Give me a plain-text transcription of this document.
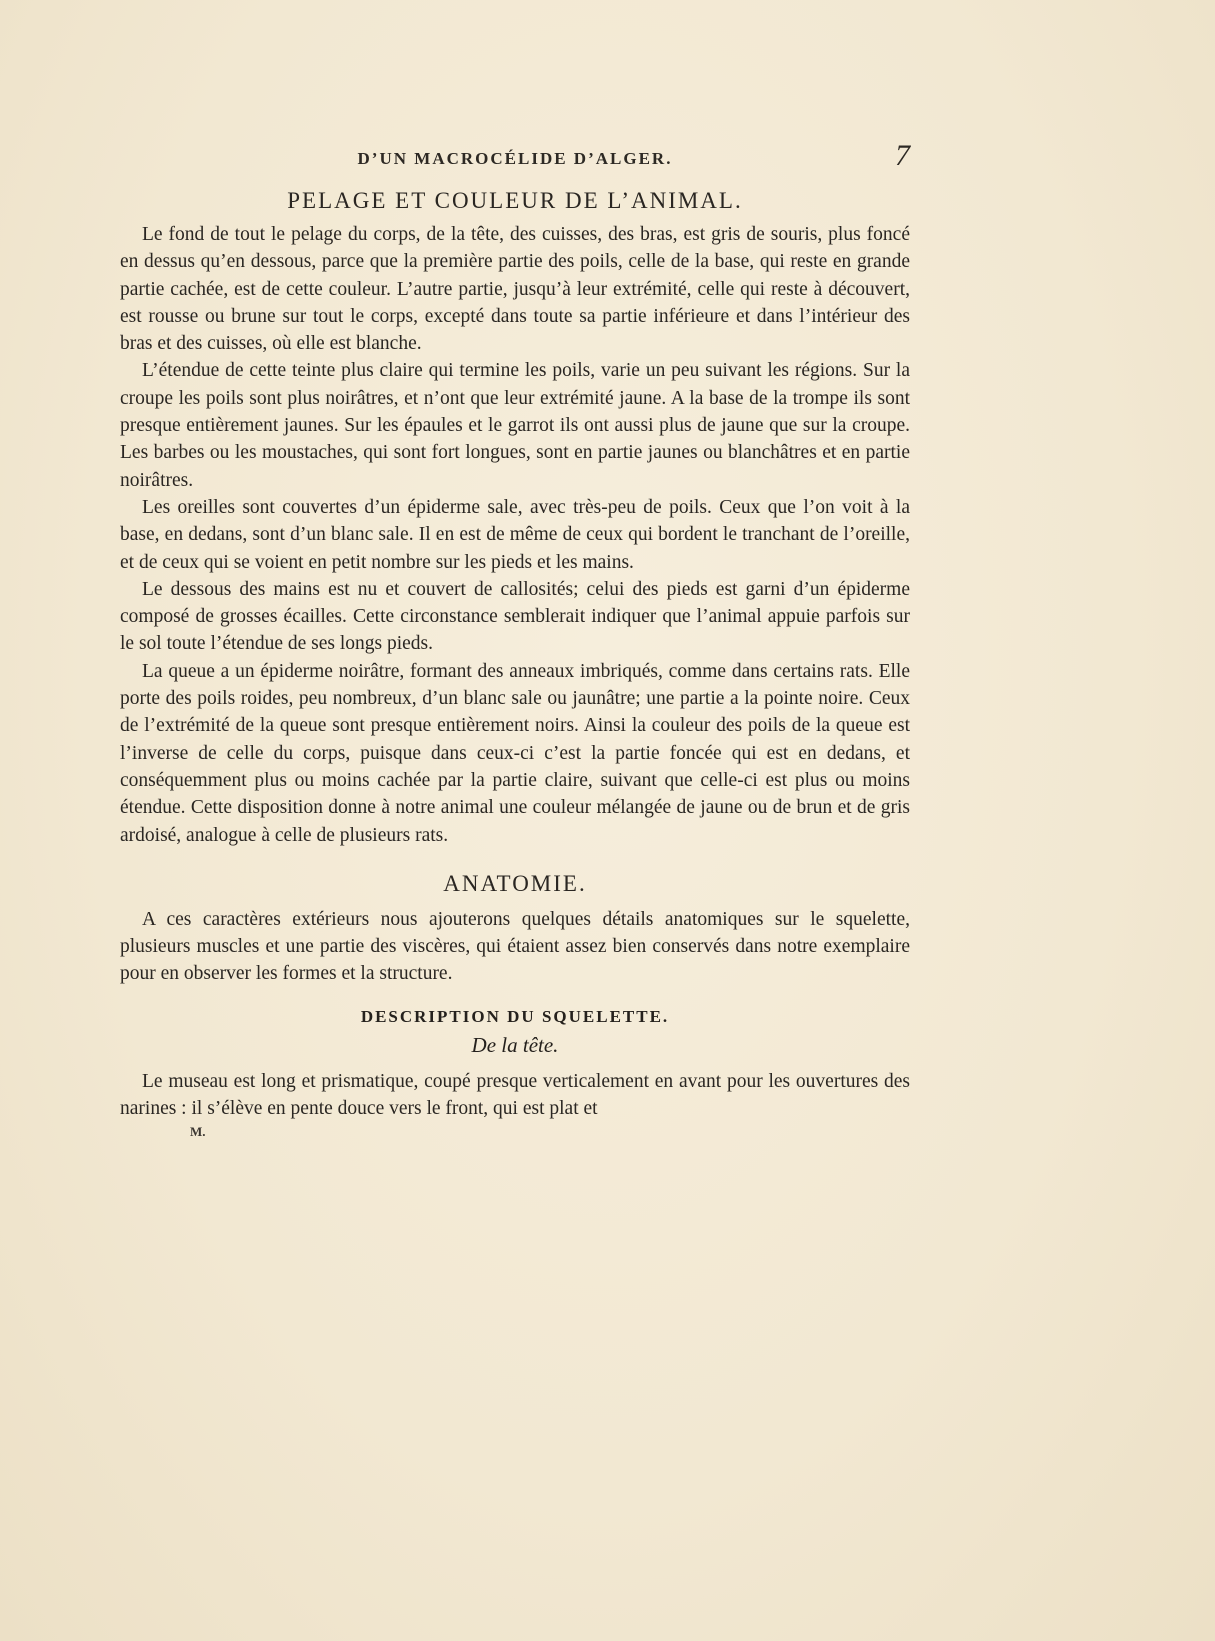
D’UN MACROCÉLIDE D’ALGER.	7
PELAGE ET COULEUR DE L’ANIMAL.

Le fond de tout le pelage du corps, de la tête, des cuisses, des bras, est gris de souris, plus foncé en dessus qu’en dessous, parce que la première partie des poils, celle de la base, qui reste en grande partie cachée, est de cette couleur. L’autre partie, jusqu’à leur extrémité, celle qui reste à découvert, est rousse ou brune sur tout le corps, excepté dans toute sa partie inférieure et dans l’intérieur des bras et des cuisses, où elle est blanche.

L’étendue de cette teinte plus claire qui termine les poils, varie un peu suivant les régions. Sur la croupe les poils sont plus noirâtres, et n’ont que leur extrémité jaune. A la base de la trompe ils sont presque entièrement jaunes. Sur les épaules et le garrot ils ont aussi plus de jaune que sur la croupe. Les barbes ou les moustaches, qui sont fort longues, sont en partie jaunes ou blanchâtres et en partie noirâtres.

Les oreilles sont couvertes d’un épiderme sale, avec très-peu de poils. Ceux que l’on voit à la base, en dedans, sont d’un blanc sale. Il en est de même de ceux qui bordent le tranchant de l’oreille, et de ceux qui se voient en petit nombre sur les pieds et les mains.

Le dessous des mains est nu et couvert de callosités; celui des pieds est garni d’un épiderme composé de grosses écailles. Cette circonstance semblerait indiquer que l’animal appuie parfois sur le sol toute l’étendue de ses longs pieds.

La queue a un épiderme noirâtre, formant des anneaux imbriqués, comme dans certains rats. Elle porte des poils roides, peu nombreux, d’un blanc sale ou jaunâtre; une partie a la pointe noire. Ceux de l’extrémité de la queue sont presque entièrement noirs. Ainsi la couleur des poils de la queue est l’inverse de celle du corps, puisque dans ceux-ci c’est la partie foncée qui est en dedans, et conséquemment plus ou moins cachée par la partie claire, suivant que celle-ci est plus ou moins étendue. Cette disposition donne à notre animal une couleur mélangée de jaune ou de brun et de gris ardoisé, analogue à celle de plusieurs rats.

ANATOMIE.

A ces caractères extérieurs nous ajouterons quelques détails anatomiques sur le squelette, plusieurs muscles et une partie des viscères, qui étaient assez bien conservés dans notre exemplaire pour en observer les formes et la structure.

DESCRIPTION DU SQUELETTE.
De la tête.

Le museau est long et prismatique, coupé presque verticalement en avant pour les ouvertures des narines : il s’élève en pente douce vers le front, qui est plat et

M.
